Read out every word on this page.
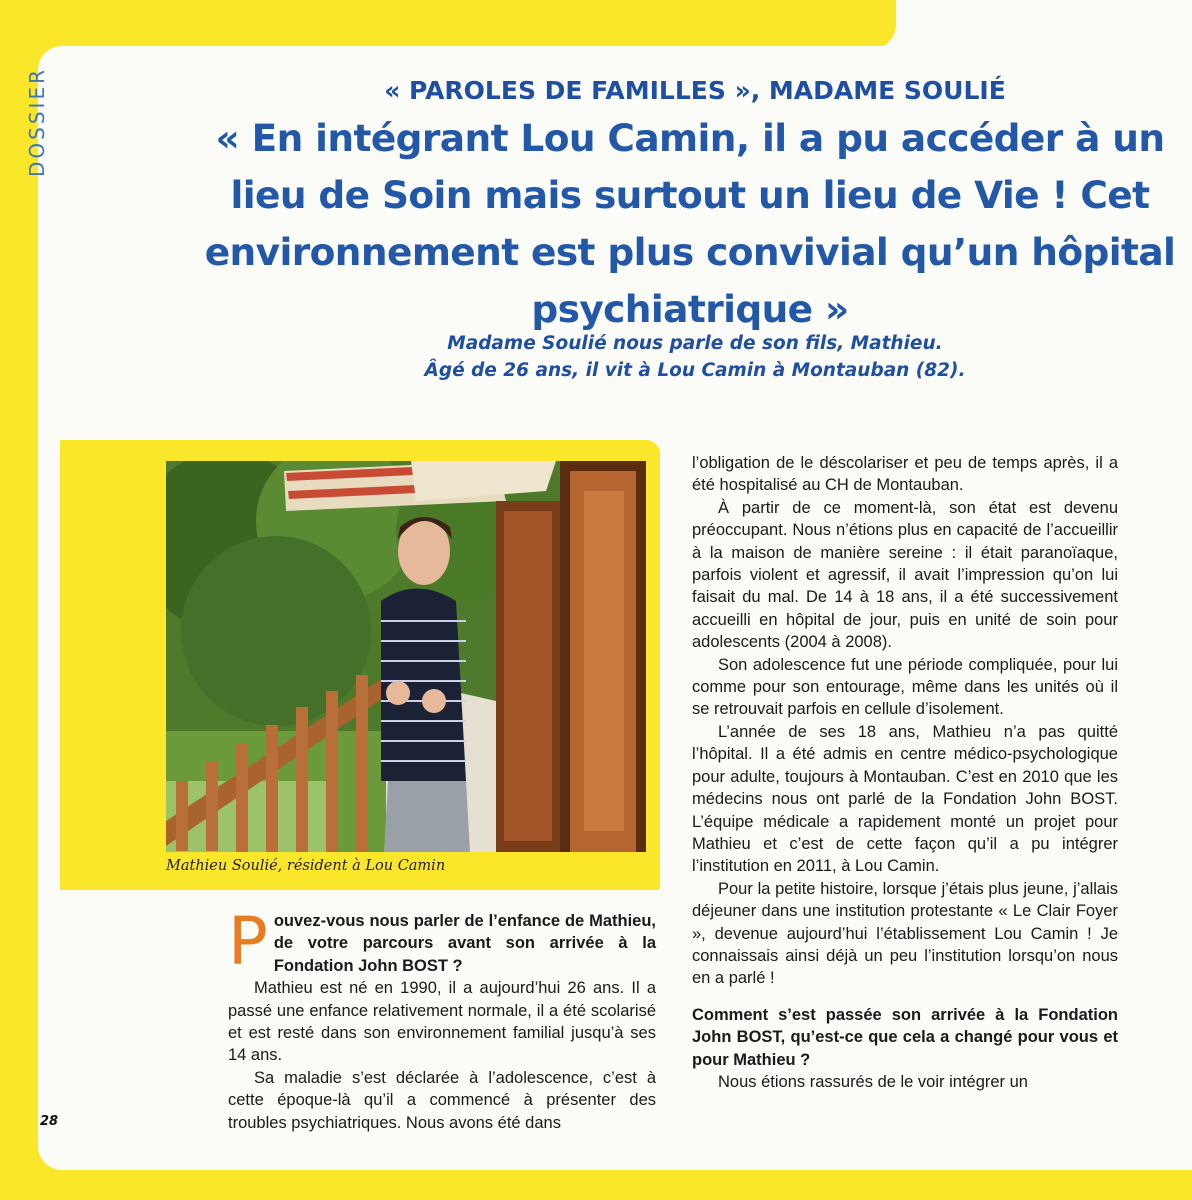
DOSSIER	« PAROLES DE FAMILLES », MADAME SOULIÉ
« En intégrant Lou Camin, il a pu accéder à un lieu de Soin mais surtout un lieu de Vie ! Cet environnement est plus convivial qu’un hôpital psychiatrique »
Madame Soulié nous parle de son fils, Mathieu.
Âgé de 26 ans, il vit à Lou Camin à Montauban (82).
Mathieu Soulié, résident à Lou Camin

Pouvez-vous nous parler de l’enfance de Mathieu, de votre parcours avant son arrivée à la Fondation John BOST ?

Mathieu est né en 1990, il a aujourd’hui 26 ans. Il a passé une enfance relativement normale, il a été scolarisé et est resté dans son environnement familial jusqu’à ses 14 ans.

Sa maladie s’est déclarée à l’adolescence, c’est à cette époque-là qu’il a commencé à présenter des troubles psychiatriques. Nous avons été dans

l’obligation de le déscolariser et peu de temps après, il a été hospitalisé au CH de Montauban.

À partir de ce moment-là, son état est devenu préoccupant. Nous n’étions plus en capacité de l’accueillir à la maison de manière sereine : il était paranoïaque, parfois violent et agressif, il avait l’impression qu’on lui faisait du mal. De 14 à 18 ans, il a été successivement accueilli en hôpital de jour, puis en unité de soin pour adolescents (2004 à 2008).

Son adolescence fut une période compliquée, pour lui comme pour son entourage, même dans les unités où il se retrouvait parfois en cellule d’isolement.

L’année de ses 18 ans, Mathieu n’a pas quitté l’hôpital. Il a été admis en centre médico-psychologique pour adulte, toujours à Montauban. C’est en 2010 que les médecins nous ont parlé de la Fondation John BOST. L’équipe médicale a rapidement monté un projet pour Mathieu et c’est de cette façon qu’il a pu intégrer l’institution en 2011, à Lou Camin.

Pour la petite histoire, lorsque j’étais plus jeune, j’allais déjeuner dans une institution protestante « Le Clair Foyer », devenue aujourd’hui l’établissement Lou Camin ! Je connaissais ainsi déjà un peu l’institution lorsqu’on nous en a parlé !

Comment s’est passée son arrivée à la Fondation John BOST, qu’est-ce que cela a changé pour vous et pour Mathieu ?

Nous étions rassurés de le voir intégrer un

28
